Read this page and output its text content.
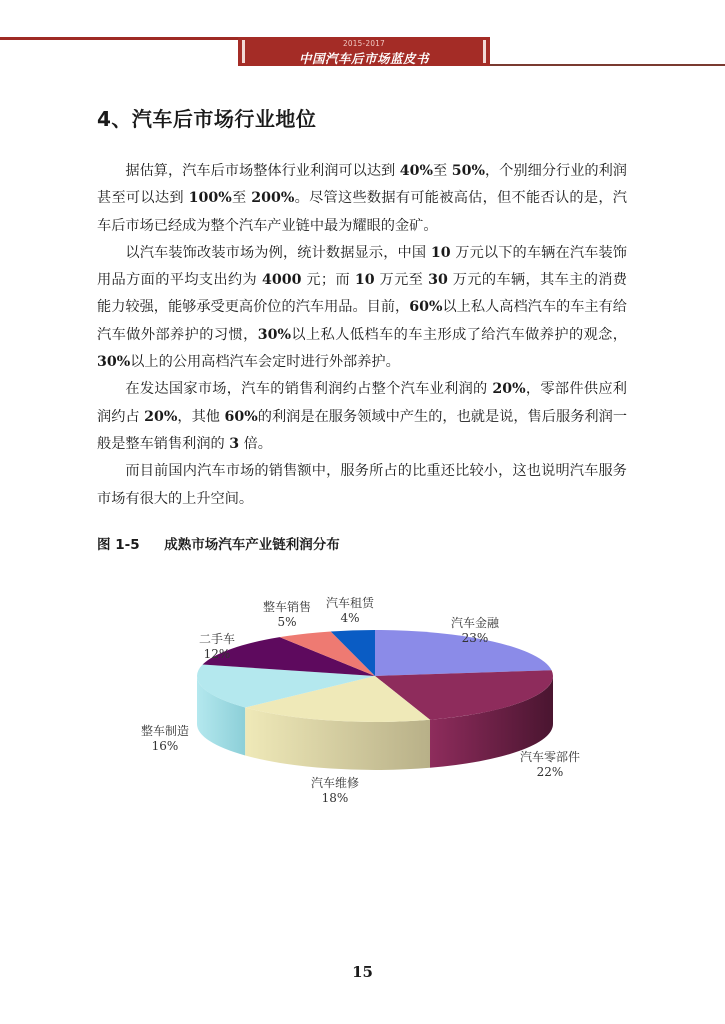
2015-2017
中国汽车后市场蓝皮书
4、汽车后市场行业地位

据估算，汽车后市场整体行业利润可以达到 40%至 50%，个别细分行业的利润甚至可以达到 100%至 200%。尽管这些数据有可能被高估，但不能否认的是，汽车后市场已经成为整个汽车产业链中最为耀眼的金矿。

以汽车装饰改装市场为例，统计数据显示，中国 10 万元以下的车辆在汽车装饰用品方面的平均支出约为 4000 元；而 10 万元至 30 万元的车辆，其车主的消费能力较强，能够承受更高价位的汽车用品。目前，60%以上私人高档汽车的车主有给汽车做外部养护的习惯，30%以上私人低档车的车主形成了给汽车做养护的观念，30%以上的公用高档汽车会定时进行外部养护。

在发达国家市场，汽车的销售利润约占整个汽车业利润的 20%，零部件供应利润约占 20%，其他 60%的利润是在服务领域中产生的，也就是说，售后服务利润一般是整车销售利润的 3 倍。

而目前国内汽车市场的销售额中，服务所占的比重还比较小，这也说明汽车服务市场有很大的上升空间。

图 1-5 成熟市场汽车产业链利润分布
汽车金融
23%
汽车零部件
22%
汽车维修
18%
整车制造
16%
二手车
12%
整车销售
5%
汽车租赁
4%
15
